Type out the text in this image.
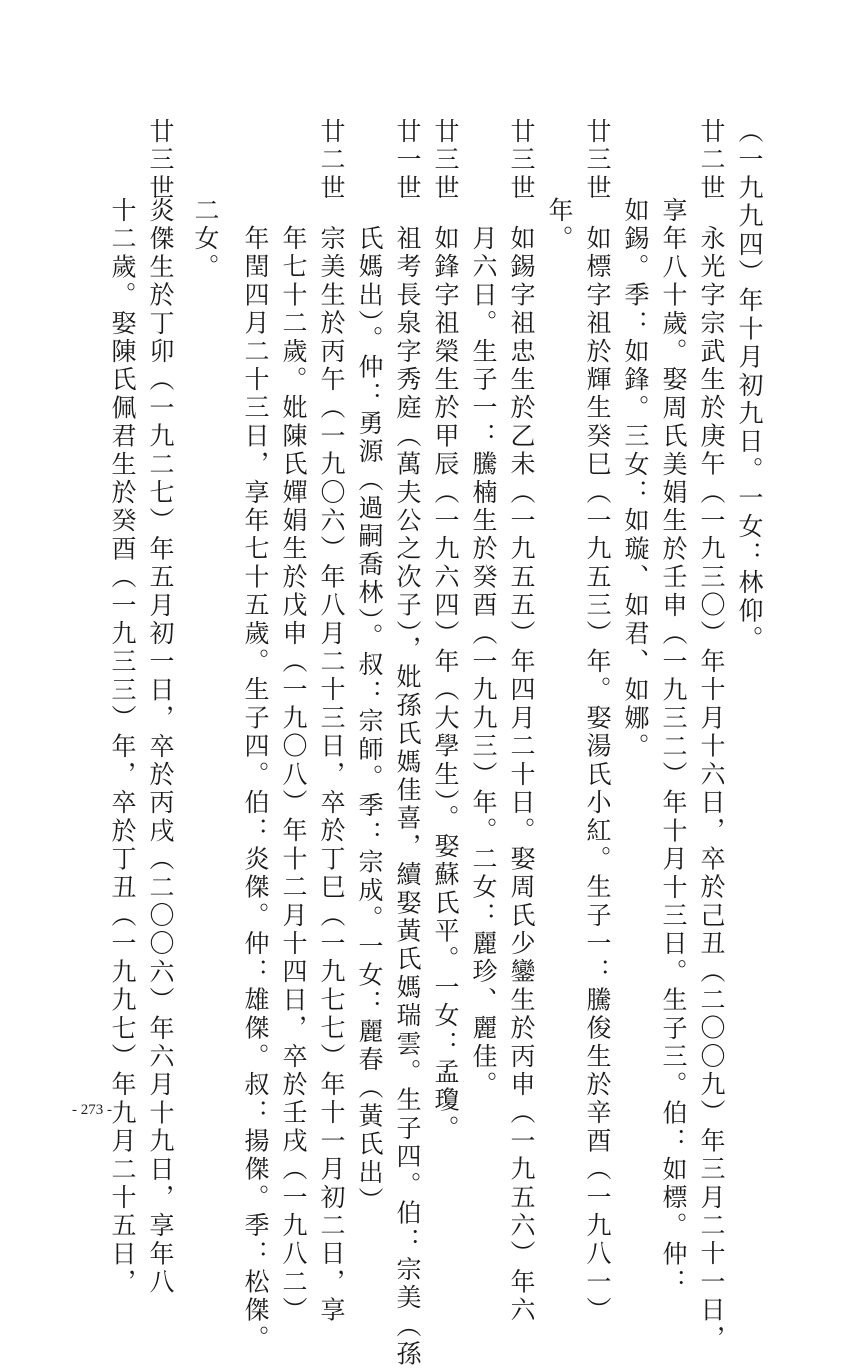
（一九九四）年十月初九日。一女：林仰。
廿二世
永光字宗武生於庚午（一九三〇）年十月十六日，卒於己丑（二〇〇九）年三月二十一日，
享年八十歲。娶周氏美娟生於壬申（一九三二）年十月十三日。生子三。伯：如標。仲：
如錫。季：如鋒。三女：如璇、如君、如娜。
廿三世
如標字祖於輝生癸巳（一九五三）年。娶湯氏小紅。生子一：騰俊生於辛酉（一九八一）
年。
廿三世
如錫字祖忠生於乙未（一九五五）年四月二十日。娶周氏少鑾生於丙申（一九五六）年六
月六日。生子一：騰楠生於癸酉（一九九三）年。二女：麗珍、麗佳。
廿三世
如鋒字祖榮生於甲辰（一九六四）年（大學生）。娶蘇氏平。一女：孟瓊。
廿一世
祖考長泉字秀庭（萬夫公之次子），妣孫氏媽佳喜，續娶黃氏媽瑞雲。生子四。伯：宗美（孫
氏媽出）。仲：勇源（過嗣喬林）。叔：宗師。季：宗成。一女：麗春（黃氏出）
廿二世
宗美生於丙午（一九〇六）年八月二十三日，卒於丁巳（一九七七）年十一月初二日，享
年七十二歲。妣陳氏嬋娟生於戊申（一九〇八）年十二月十四日，卒於壬戌（一九八二）
年閏四月二十三日，享年七十五歲。生子四。伯：炎傑。仲：雄傑。叔：揚傑。季：松傑。
二女。
廿三世
炎傑生於丁卯（一九二七）年五月初一日，卒於丙戌（二〇〇六）年六月十九日，享年八
十二歲。娶陳氏佩君生於癸酉（一九三三）年，卒於丁丑（一九九七）年九月二十五日，
- 273 -
